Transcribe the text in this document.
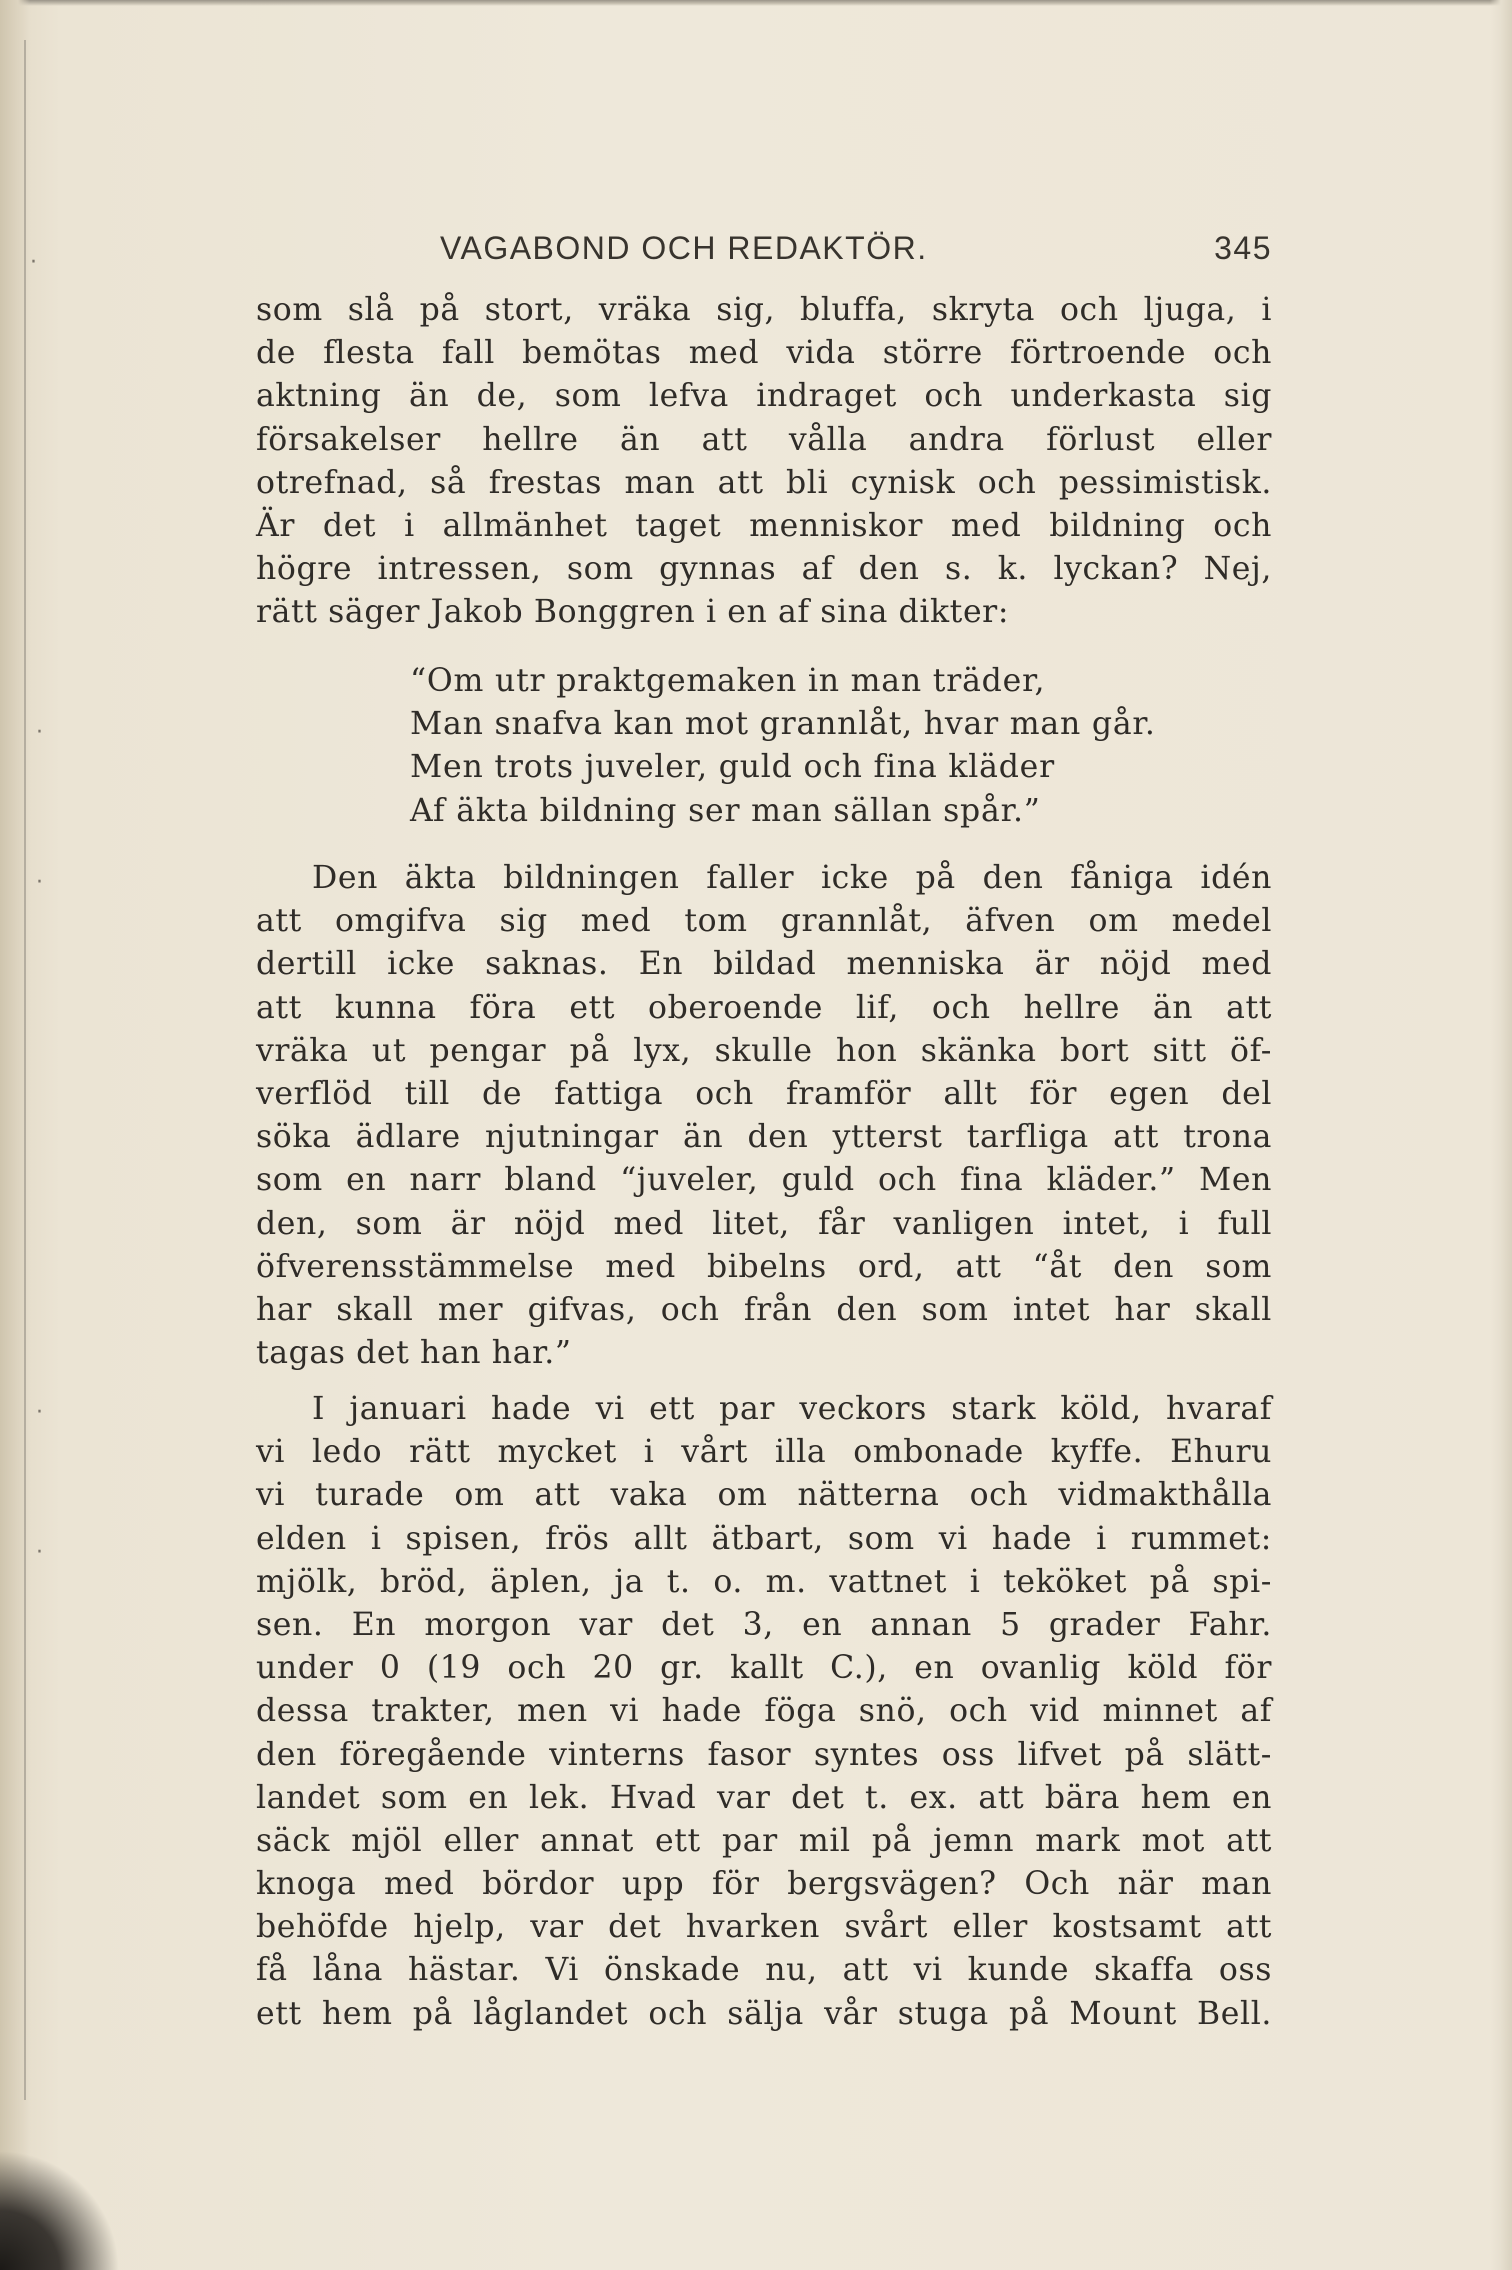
·
·
·
·
·
VAGABOND OCH REDAKTÖR.	345
som slå på stort, vräka sig, bluffa, skryta och ljuga, i
de flesta fall bemötas med vida större förtroende och
aktning än de, som lefva indraget och underkasta sig
försakelser hellre än att vålla andra förlust eller
otrefnad, så frestas man att bli cynisk och pessimistisk.
Är det i allmänhet taget menniskor med bildning och
högre intressen, som gynnas af den s. k. lyckan? Nej,
rätt säger Jakob Bonggren i en af sina dikter:
“Om utr praktgemaken in man träder,
Man snafva kan mot grannlåt, hvar man går.
Men trots juveler, guld och fina kläder
Af äkta bildning ser man sällan spår.”
Den äkta bildningen faller icke på den fåniga idén
att omgifva sig med tom grannlåt, äfven om medel
dertill icke saknas. En bildad menniska är nöjd med
att kunna föra ett oberoende lif, och hellre än att
vräka ut pengar på lyx, skulle hon skänka bort sitt öf-
verflöd till de fattiga och framför allt för egen del
söka ädlare njutningar än den ytterst tarfliga att trona
som en narr bland “juveler, guld och fina kläder.” Men
den, som är nöjd med litet, får vanligen intet, i full
öfverensstämmelse med bibelns ord, att “åt den som
har skall mer gifvas, och från den som intet har skall
tagas det han har.”
I januari hade vi ett par veckors stark köld, hvaraf
vi ledo rätt mycket i vårt illa ombonade kyffe. Ehuru
vi turade om att vaka om nätterna och vidmakthålla
elden i spisen, frös allt ätbart, som vi hade i rummet:
mjölk, bröd, äplen, ja t. o. m. vattnet i teköket på spi-
sen. En morgon var det 3, en annan 5 grader Fahr.
under 0 (19 och 20 gr. kallt C.), en ovanlig köld för
dessa trakter, men vi hade föga snö, och vid minnet af
den föregående vinterns fasor syntes oss lifvet på slätt-
landet som en lek. Hvad var det t. ex. att bära hem en
säck mjöl eller annat ett par mil på jemn mark mot att
knoga med bördor upp för bergsvägen? Och när man
behöfde hjelp, var det hvarken svårt eller kostsamt att
få låna hästar. Vi önskade nu, att vi kunde skaffa oss
ett hem på låglandet och sälja vår stuga på Mount Bell.
